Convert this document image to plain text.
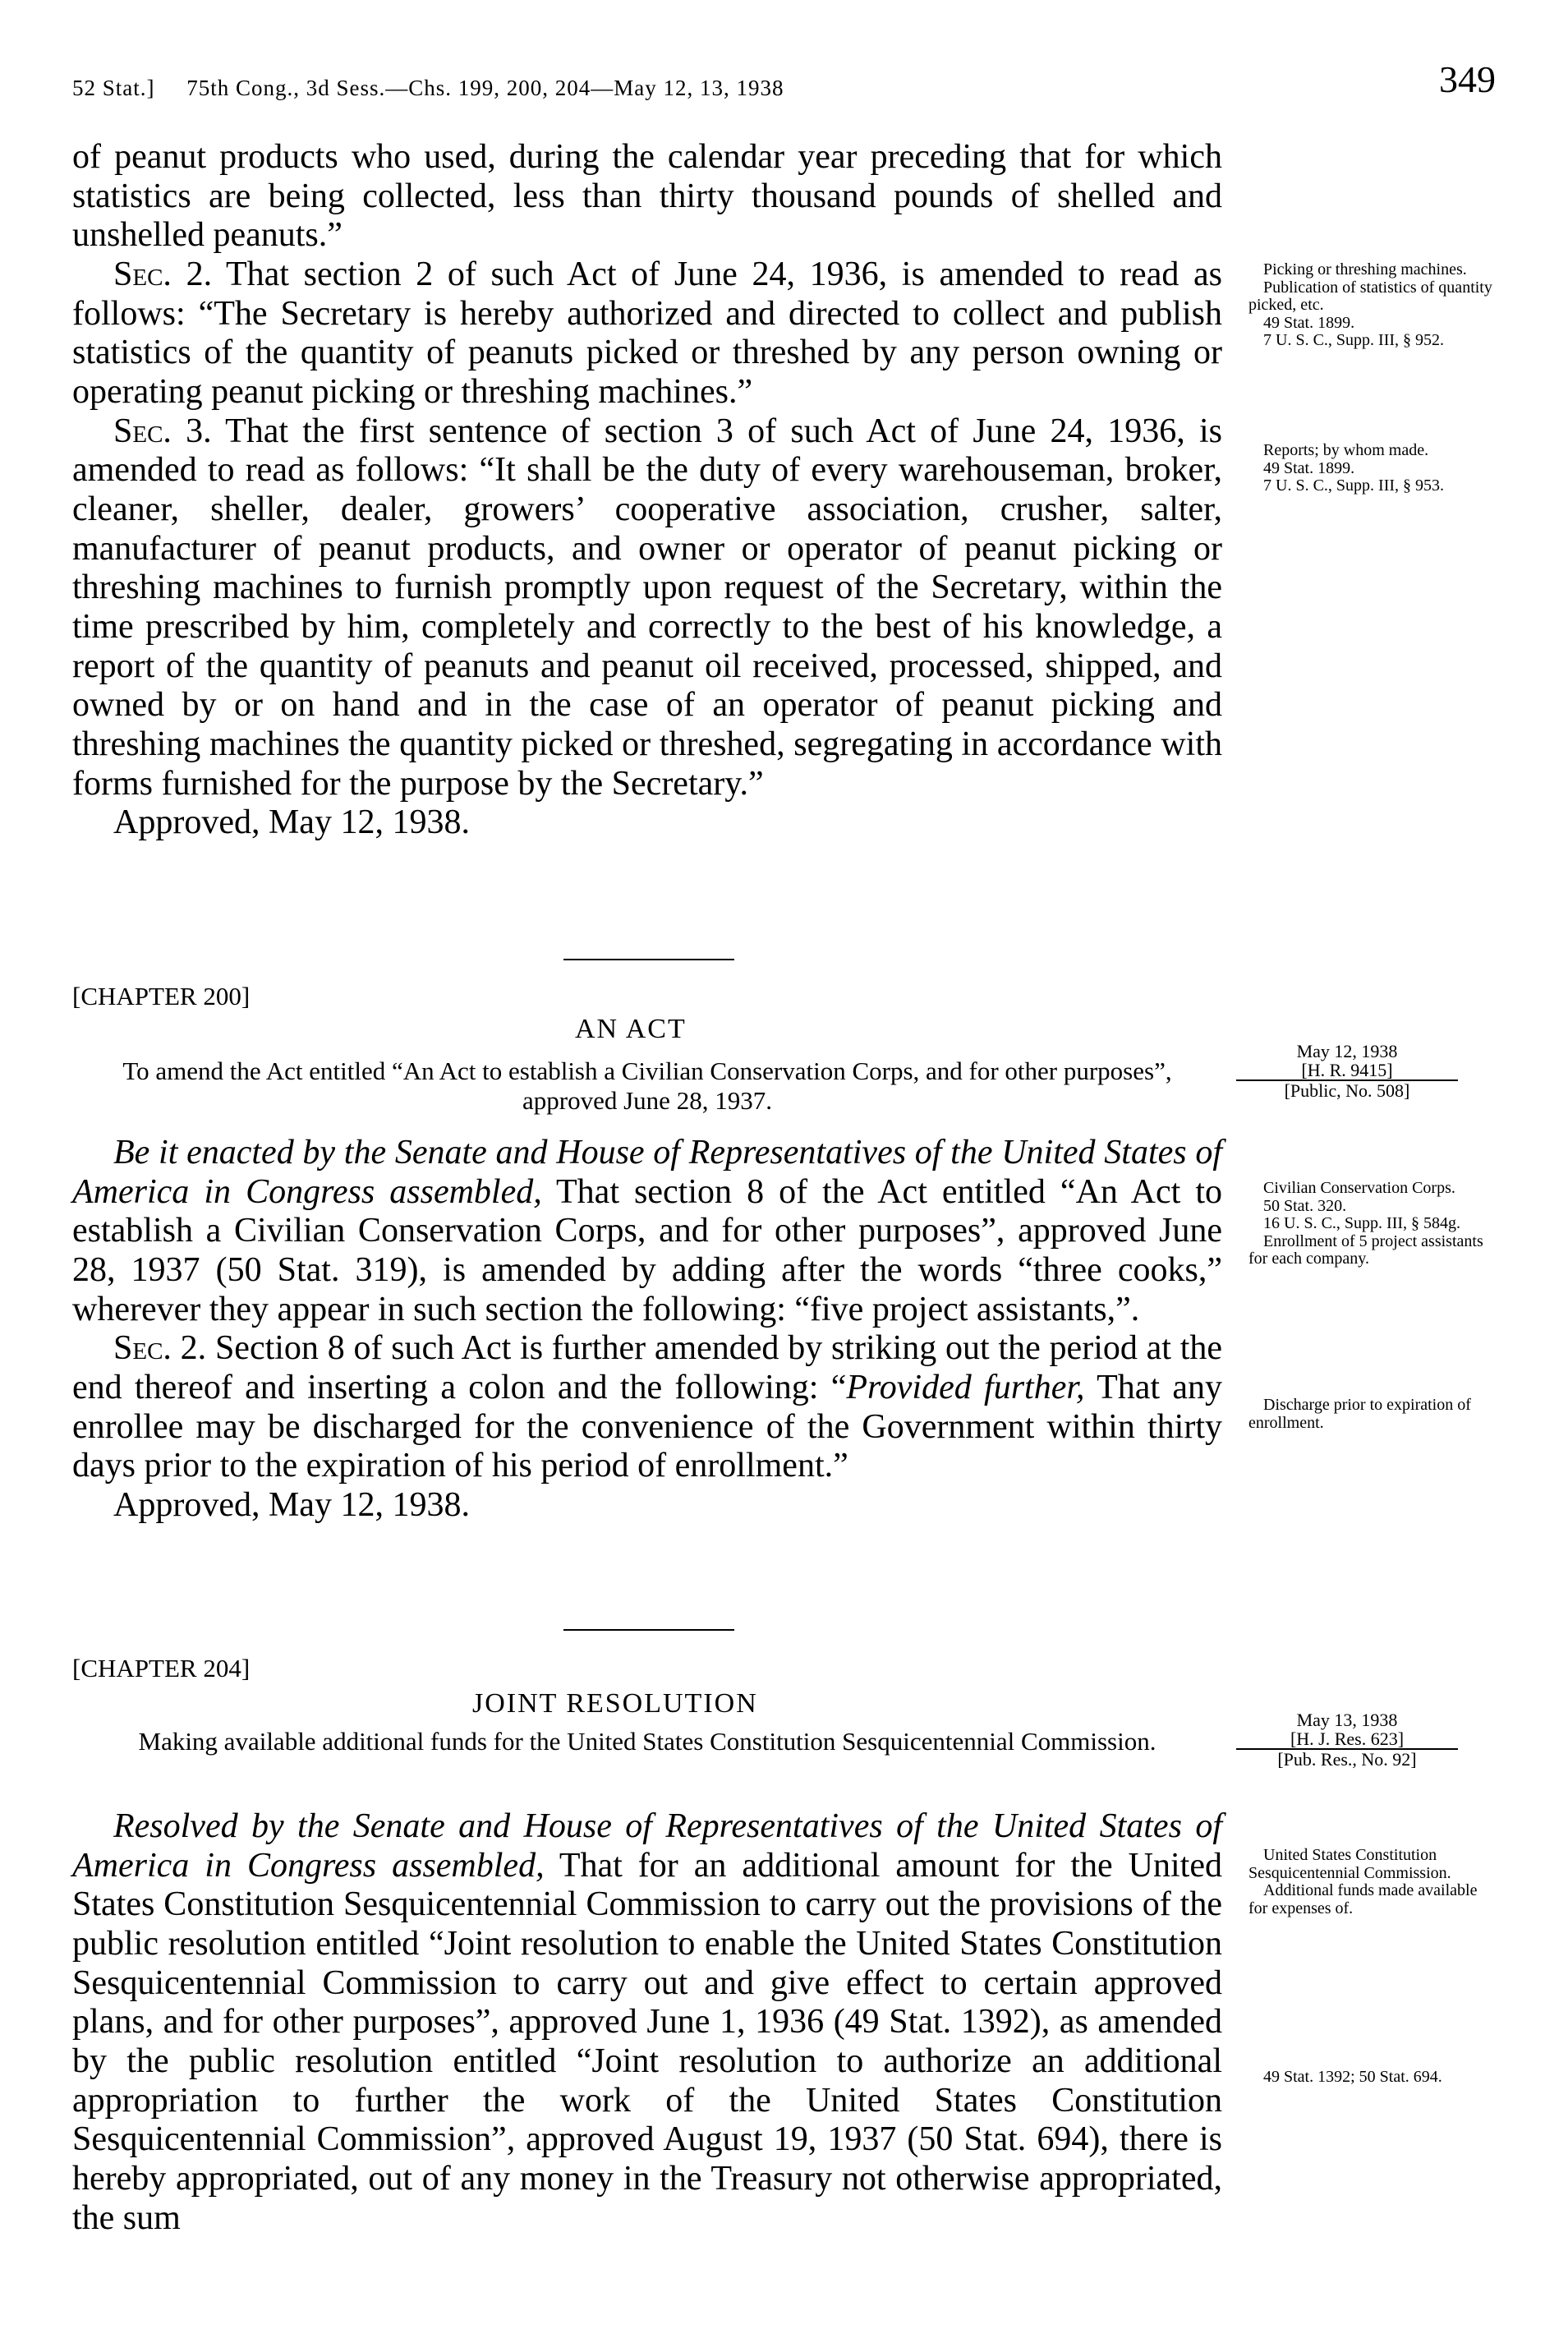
52 Stat.]     75th Cong., 3d Sess.—Chs. 199, 200, 204—May 12, 13, 1938	349

of peanut products who used, during the calendar year preceding that for which statistics are being collected, less than thirty thousand pounds of shelled and unshelled peanuts.”

Sec. 2. That section 2 of such Act of June 24, 1936, is amended to read as follows: “The Secretary is hereby authorized and directed to collect and publish statistics of the quantity of peanuts picked or threshed by any person owning or operating peanut picking or threshing machines.”

Sec. 3. That the first sentence of section 3 of such Act of June 24, 1936, is amended to read as follows: “It shall be the duty of every warehouseman, broker, cleaner, sheller, dealer, growers’ cooperative association, crusher, salter, manufacturer of peanut products, and owner or operator of peanut picking or threshing machines to furnish promptly upon request of the Secretary, within the time prescribed by him, completely and correctly to the best of his knowledge, a report of the quantity of peanuts and peanut oil received, processed, shipped, and owned by or on hand and in the case of an operator of peanut picking and threshing machines the quantity picked or threshed, segregating in accordance with forms furnished for the purpose by the Secretary.”

Approved, May 12, 1938.

Picking or threshing machines.

Publication of statistics of quantity picked, etc.

49 Stat. 1899.

7 U. S. C., Supp. III, § 952.

Reports; by whom made.

49 Stat. 1899.

7 U. S. C., Supp. III, § 953.

[CHAPTER 200]
AN ACT
To amend the Act entitled “An Act to establish a Civilian Conservation Corps, and for other purposes”, approved June 28, 1937.
May 12, 1938
[H. R. 9415]
[Public, No. 508]

Be it enacted by the Senate and House of Representatives of the United States of America in Congress assembled, That section 8 of the Act entitled “An Act to establish a Civilian Conservation Corps, and for other purposes”, approved June 28, 1937 (50 Stat. 319), is amended by adding after the words “three cooks,” wherever they appear in such section the following: “five project assistants,”.

Sec. 2. Section 8 of such Act is further amended by striking out the period at the end thereof and inserting a colon and the following: “Provided further, That any enrollee may be discharged for the convenience of the Government within thirty days prior to the expiration of his period of enrollment.”

Approved, May 12, 1938.

Civilian Conservation Corps.

50 Stat. 320.

16 U. S. C., Supp. III, § 584g.

Enrollment of 5 project assistants for each company.

Discharge prior to expiration of enrollment.

[CHAPTER 204]
JOINT RESOLUTION
Making available additional funds for the United States Constitution Sesquicentennial Commission.
May 13, 1938
[H. J. Res. 623]
[Pub. Res., No. 92]

Resolved by the Senate and House of Representatives of the United States of America in Congress assembled, That for an additional amount for the United States Constitution Sesquicentennial Commission to carry out the provisions of the public resolution entitled “Joint resolution to enable the United States Constitution Sesquicentennial Commission to carry out and give effect to certain approved plans, and for other purposes”, approved June 1, 1936 (49 Stat. 1392), as amended by the public resolution entitled “Joint resolution to authorize an additional appropriation to further the work of the United States Constitution Sesquicentennial Commission”, approved August 19, 1937 (50 Stat. 694), there is hereby appropriated, out of any money in the Treasury not otherwise appropriated, the sum

United States Constitution Sesquicentennial Commission.

Additional funds made available for expenses of.

49 Stat. 1392; 50 Stat. 694.
